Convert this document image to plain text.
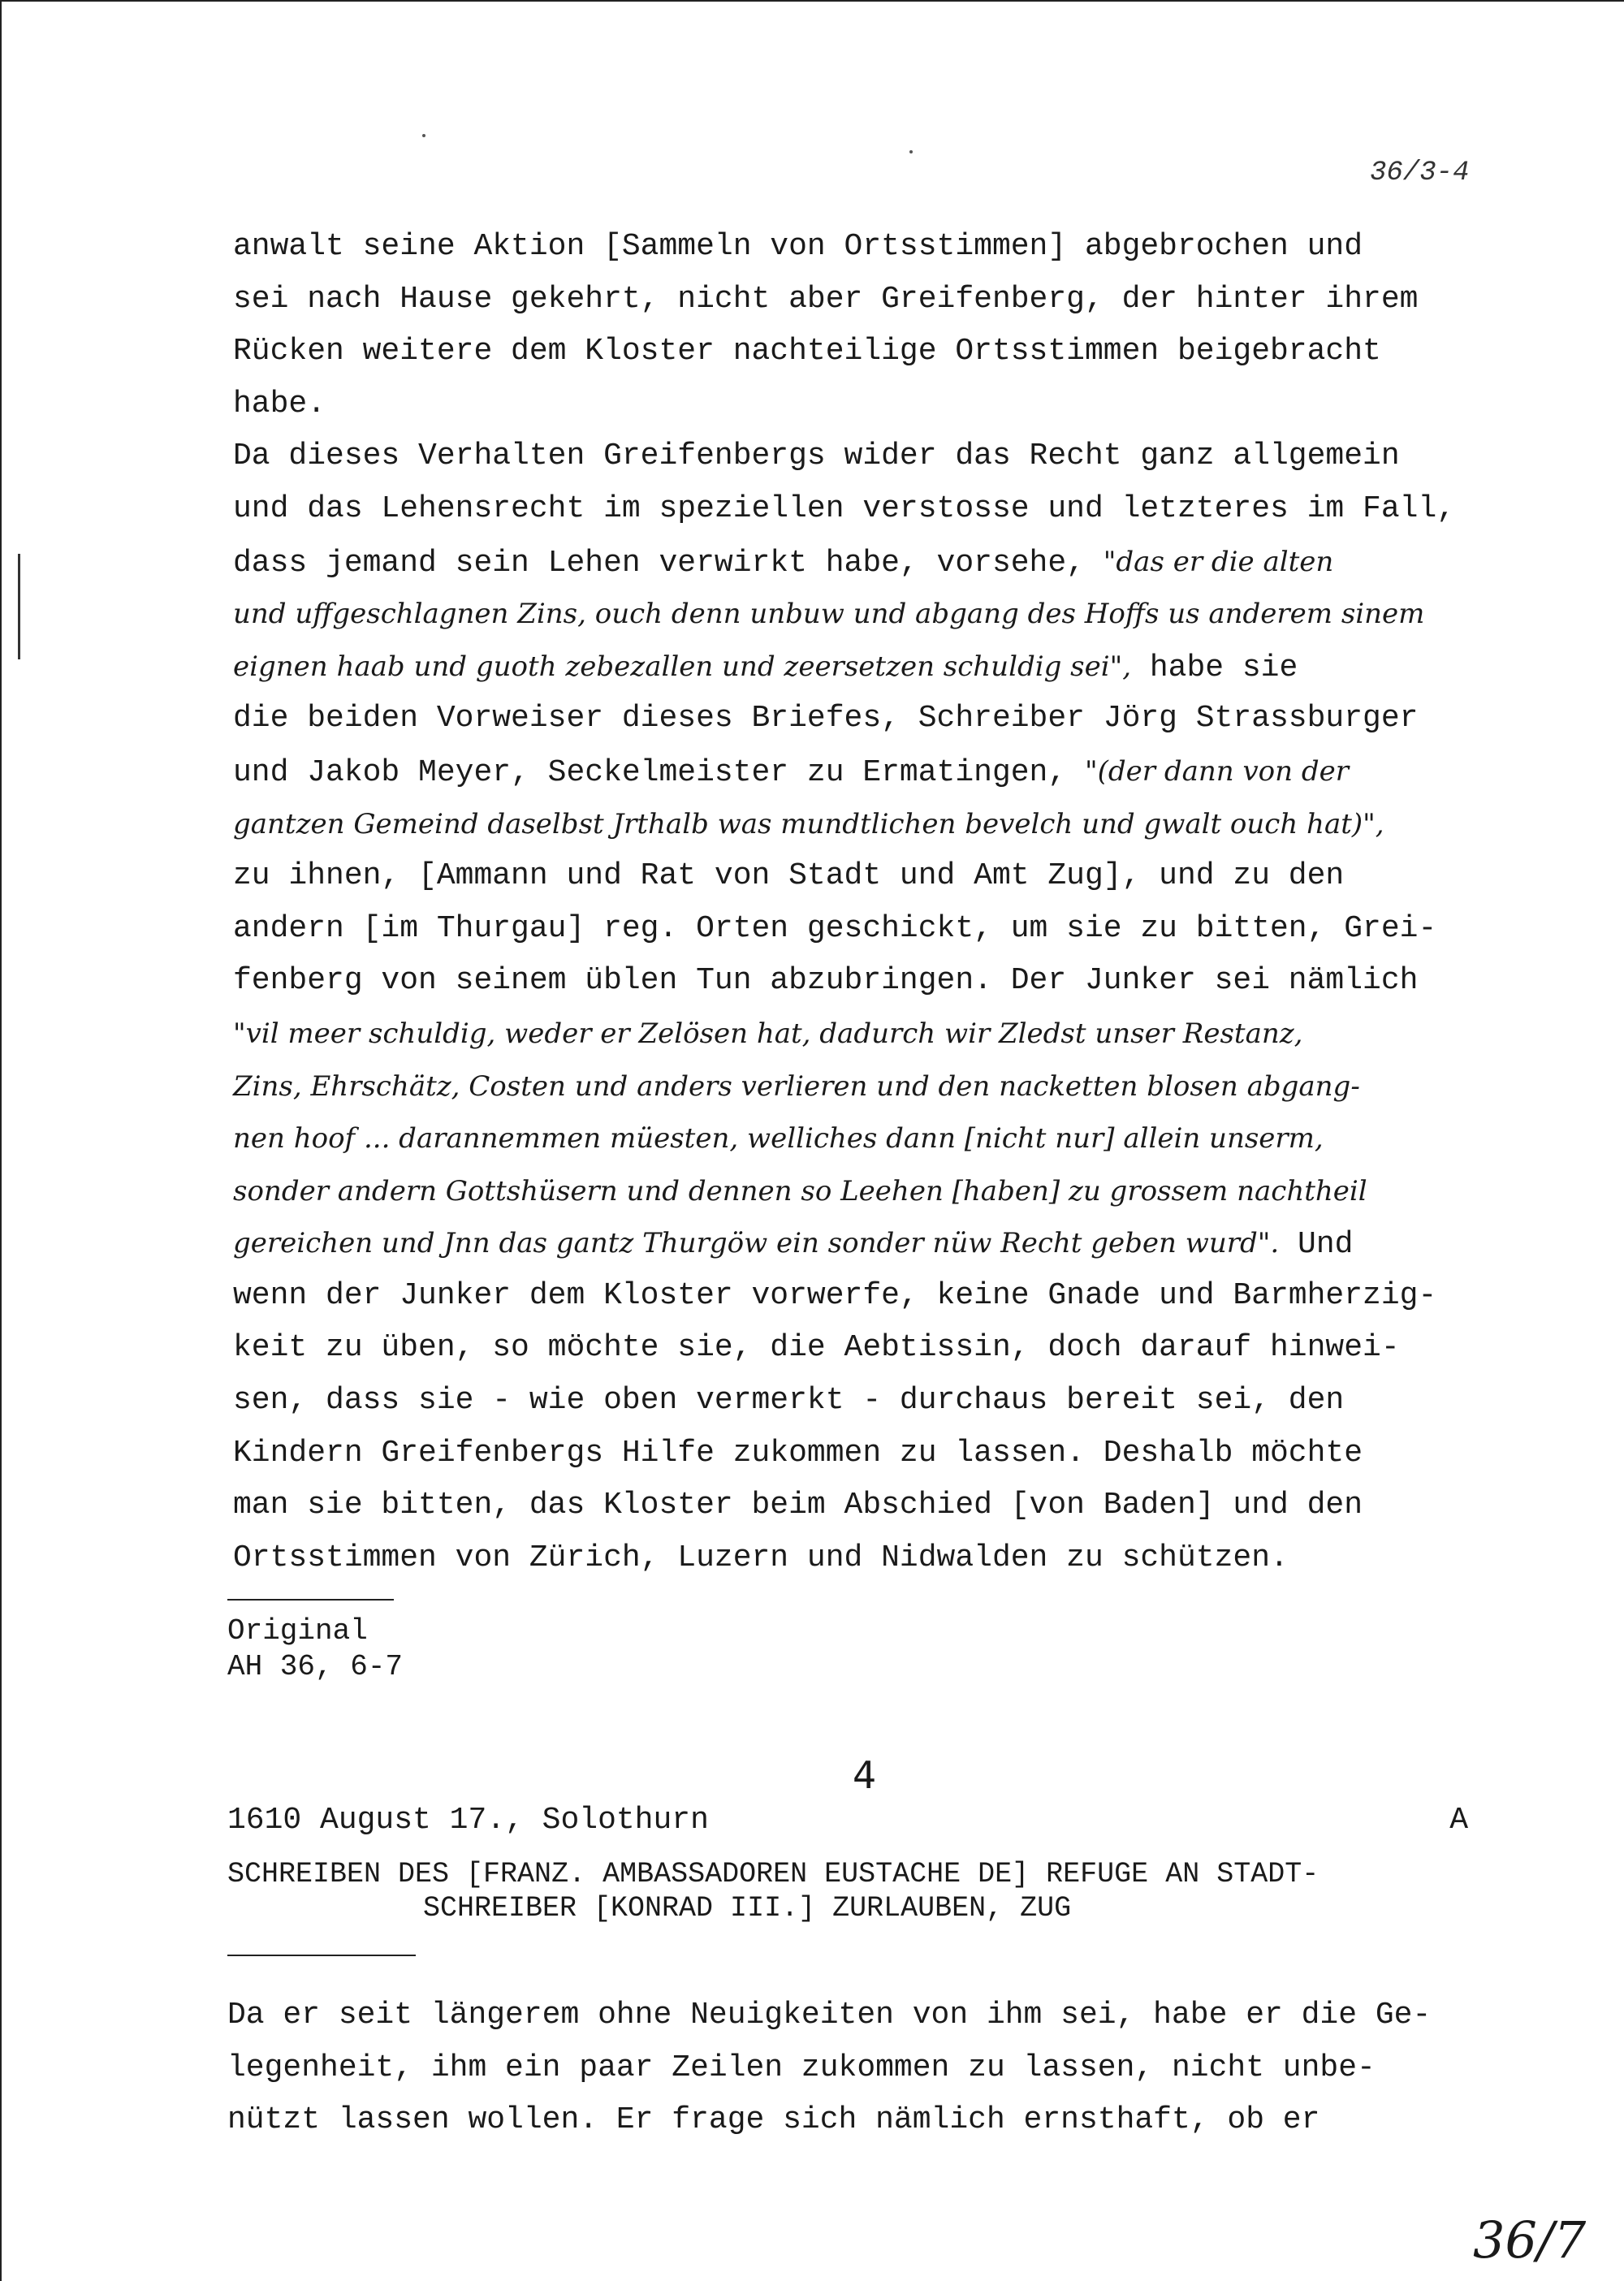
36/3-4
anwalt seine Aktion [Sammeln von Ortsstimmen] abgebrochen und
sei nach Hause gekehrt, nicht aber Greifenberg, der hinter ihrem
Rücken weitere dem Kloster nachteilige Ortsstimmen beigebracht
habe.
Da dieses Verhalten Greifenbergs wider das Recht ganz allgemein
und das Lehensrecht im speziellen verstosse und letzteres im Fall,
dass jemand sein Lehen verwirkt habe, vorsehe, "das er die alten
und uffgeschlagnen Zins, ouch denn unbuw und abgang des Hoffs us anderem sinem
eignen haab und guoth zebezallen und zeersetzen schuldig sei", habe sie
die beiden Vorweiser dieses Briefes, Schreiber Jörg Strassburger
und Jakob Meyer, Seckelmeister zu Ermatingen, "(der dann von der
gantzen Gemeind daselbst Jrthalb was mundtlichen bevelch und gwalt ouch hat)",
zu ihnen, [Ammann und Rat von Stadt und Amt Zug], und zu den
andern [im Thurgau] reg. Orten geschickt, um sie zu bitten, Grei-
fenberg von seinem üblen Tun abzubringen. Der Junker sei nämlich
"vil meer schuldig, weder er Zelösen hat, dadurch wir Zledst unser Restanz,
Zins, Ehrschätz, Costen und anders verlieren und den nacketten blosen abgang-
nen hoof ... darannemmen müesten, welliches dann [nicht nur] allein unserm,
sonder andern Gottshüsern und dennen so Leehen [haben] zu grossem nachtheil
gereichen und Jnn das gantz Thurgöw ein sonder nüw Recht geben wurd". Und
wenn der Junker dem Kloster vorwerfe, keine Gnade und Barmherzig-
keit zu üben, so möchte sie, die Aebtissin, doch darauf hinwei-
sen, dass sie - wie oben vermerkt - durchaus bereit sei, den
Kindern Greifenbergs Hilfe zukommen zu lassen. Deshalb möchte
man sie bitten, das Kloster beim Abschied [von Baden] und den
Ortsstimmen von Zürich, Luzern und Nidwalden zu schützen.
Original
AH 36, 6-7
4
1610 August 17., Solothurn	A
SCHREIBEN DES [FRANZ. AMBASSADOREN EUSTACHE DE] REFUGE AN STADT-
SCHREIBER [KONRAD III.] ZURLAUBEN, ZUG
Da er seit längerem ohne Neuigkeiten von ihm sei, habe er die Ge-
legenheit, ihm ein paar Zeilen zukommen zu lassen, nicht unbe-
nützt lassen wollen. Er frage sich nämlich ernsthaft, ob er
36/7
